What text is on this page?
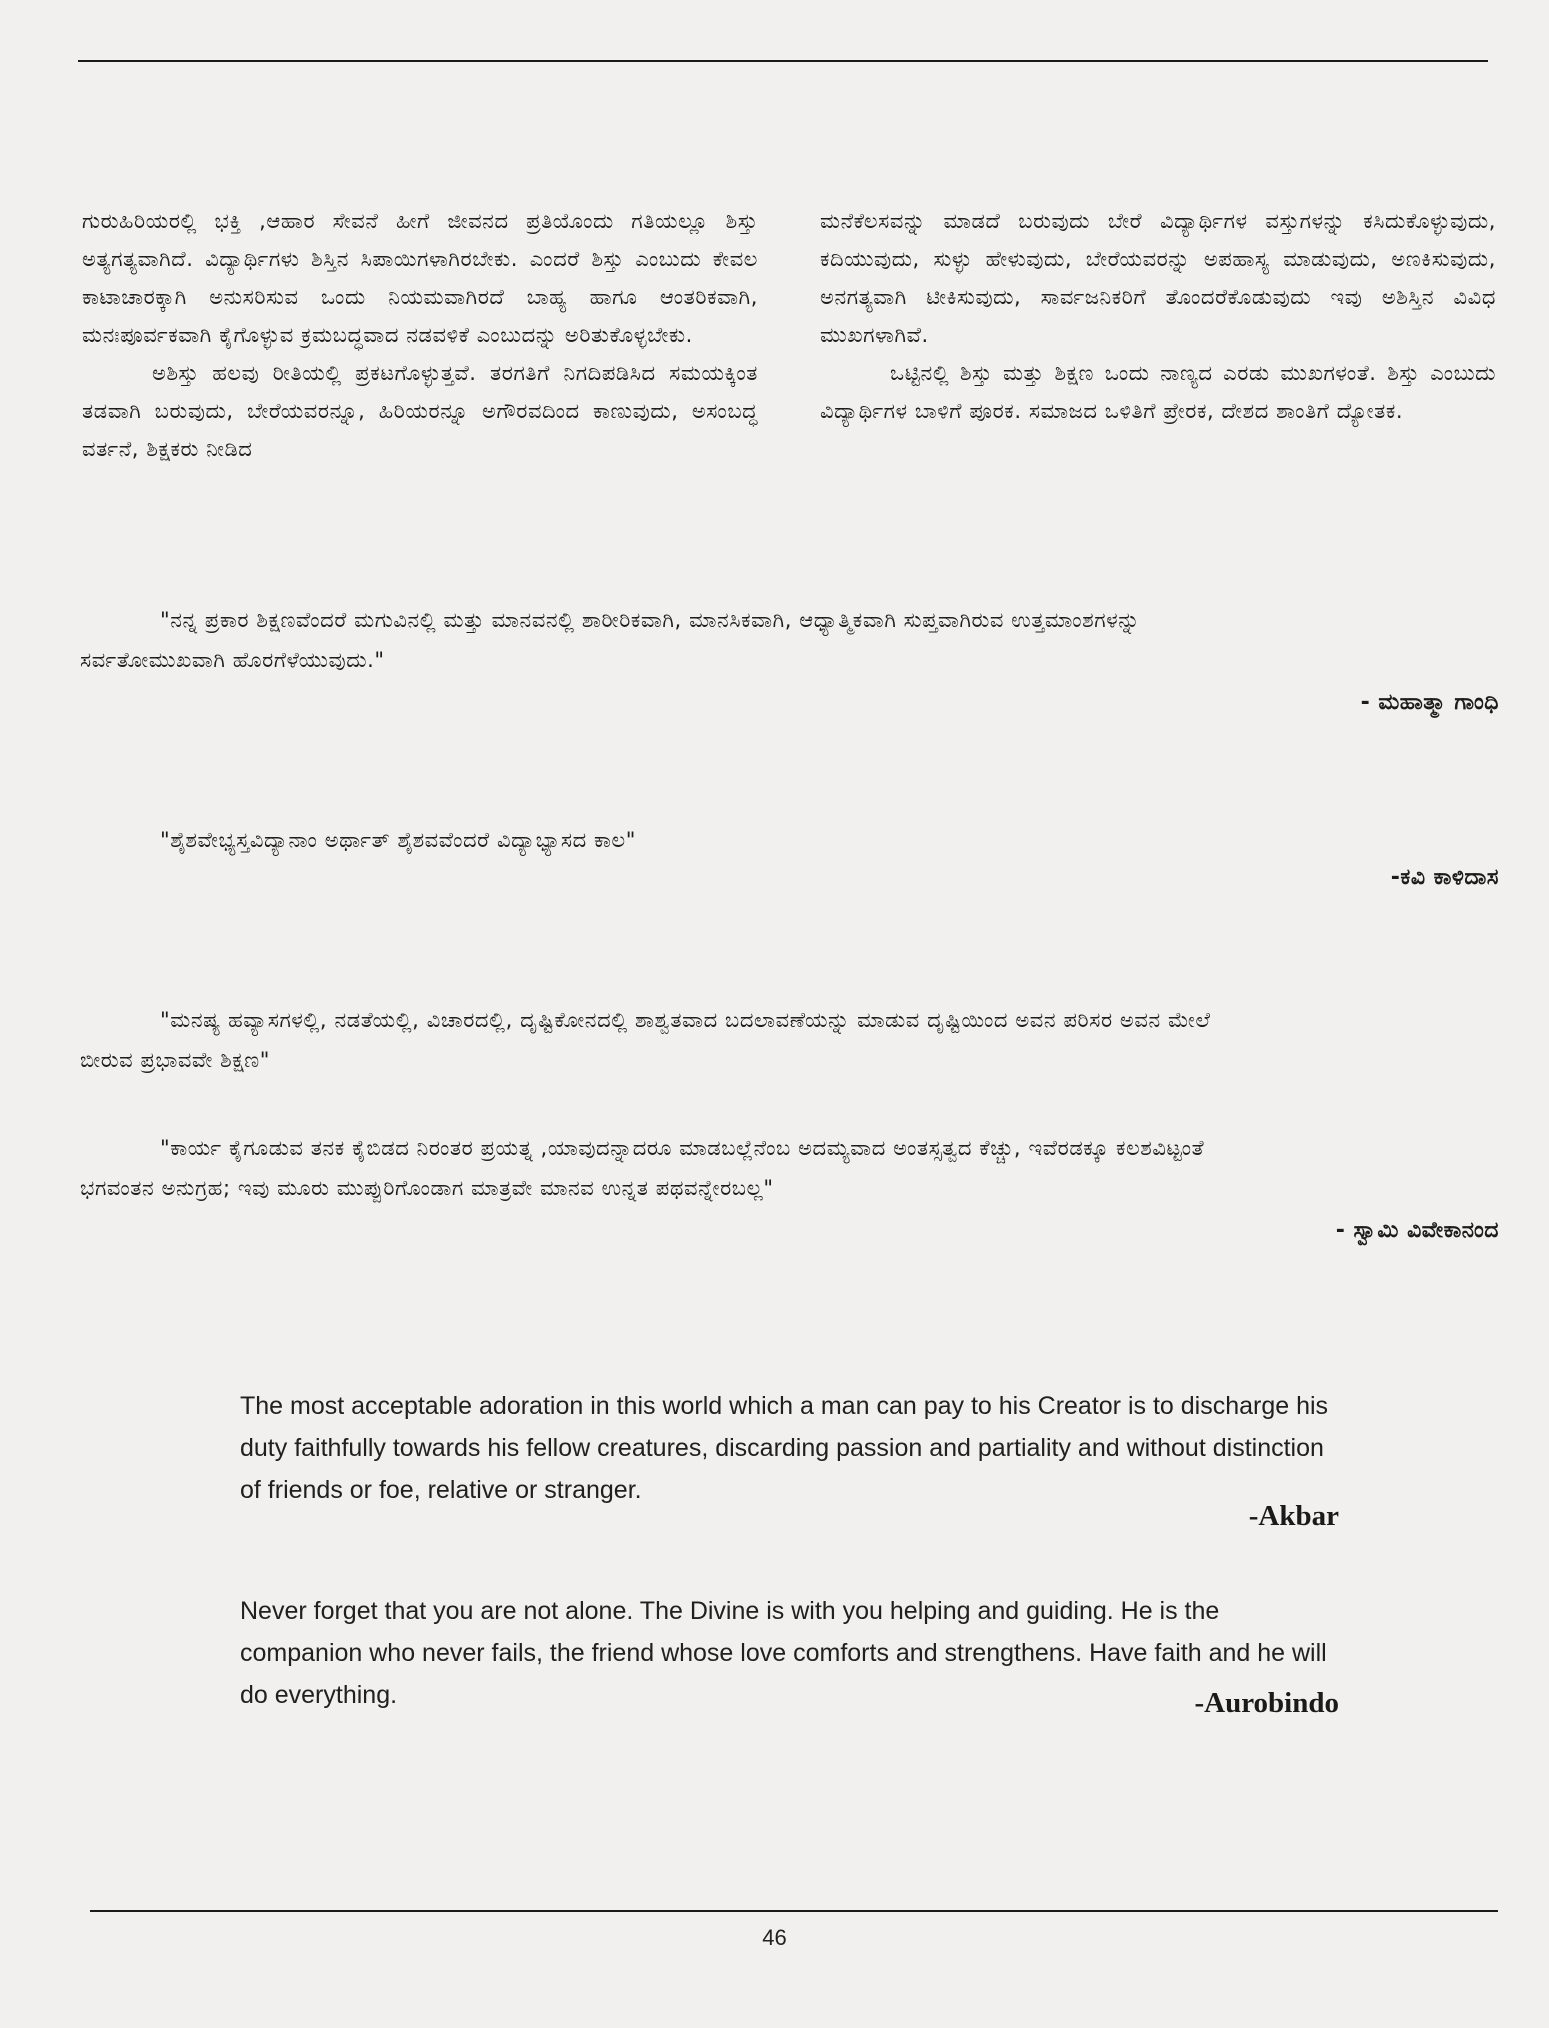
ಗುರುಹಿರಿಯರಲ್ಲಿ ಭಕ್ತಿ ,ಆಹಾರ ಸೇವನೆ ಹೀಗೆ ಜೀವನದ ಪ್ರತಿಯೊಂದು ಗತಿಯಲ್ಲೂ ಶಿಸ್ತು ಅತ್ಯಗತ್ಯವಾಗಿದೆ. ವಿದ್ಯಾರ್ಥಿಗಳು ಶಿಸ್ತಿನ ಸಿಪಾಯಿಗಳಾಗಿರಬೇಕು. ಎಂದರೆ ಶಿಸ್ತು ಎಂಬುದು ಕೇವಲ ಕಾಟಾಚಾರಕ್ಕಾಗಿ ಅನುಸರಿಸುವ ಒಂದು ನಿಯಮವಾಗಿರದೆ ಬಾಹ್ಯ ಹಾಗೂ ಆಂತರಿಕವಾಗಿ, ಮನಃಪೂರ್ವಕವಾಗಿ ಕೈಗೊಳ್ಳುವ ಕ್ರಮಬದ್ಧವಾದ ನಡವಳಿಕೆ ಎಂಬುದನ್ನು ಅರಿತುಕೊಳ್ಳಬೇಕು.

ಅಶಿಸ್ತು ಹಲವು ರೀತಿಯಲ್ಲಿ ಪ್ರಕಟಗೊಳ್ಳುತ್ತವೆ. ತರಗತಿಗೆ ನಿಗದಿಪಡಿಸಿದ ಸಮಯಕ್ಕಿಂತ ತಡವಾಗಿ ಬರುವುದು, ಬೇರೆಯವರನ್ನೂ, ಹಿರಿಯರನ್ನೂ ಅಗೌರವದಿಂದ ಕಾಣುವುದು, ಅಸಂಬದ್ಧ ವರ್ತನೆ, ಶಿಕ್ಷಕರು ನೀಡಿದ

ಮನೆಕೆಲಸವನ್ನು ಮಾಡದೆ ಬರುವುದು ಬೇರೆ ವಿದ್ಯಾರ್ಥಿಗಳ ವಸ್ತುಗಳನ್ನು ಕಸಿದುಕೊಳ್ಳುವುದು, ಕದಿಯುವುದು, ಸುಳ್ಳು ಹೇಳುವುದು, ಬೇರೆಯವರನ್ನು ಅಪಹಾಸ್ಯ ಮಾಡುವುದು, ಅಣಕಿಸುವುದು, ಅನಗತ್ಯವಾಗಿ ಟೀಕಿಸುವುದು, ಸಾರ್ವಜನಿಕರಿಗೆ ತೊಂದರೆಕೊಡುವುದು ಇವು ಅಶಿಸ್ತಿನ ವಿವಿಧ ಮುಖಗಳಾಗಿವೆ.

ಒಟ್ಟಿನಲ್ಲಿ ಶಿಸ್ತು ಮತ್ತು ಶಿಕ್ಷಣ ಒಂದು ನಾಣ್ಯದ ಎರಡು ಮುಖಗಳಂತೆ. ಶಿಸ್ತು ಎಂಬುದು ವಿದ್ಯಾರ್ಥಿಗಳ ಬಾಳಿಗೆ ಪೂರಕ. ಸಮಾಜದ ಒಳಿತಿಗೆ ಪ್ರೇರಕ, ದೇಶದ ಶಾಂತಿಗೆ ದ್ಯೋತಕ.

"ನನ್ನ ಪ್ರಕಾರ ಶಿಕ್ಷಣವೆಂದರೆ ಮಗುವಿನಲ್ಲಿ ಮತ್ತು ಮಾನವನಲ್ಲಿ ಶಾರೀರಿಕವಾಗಿ, ಮಾನಸಿಕವಾಗಿ, ಆಧ್ಯಾತ್ಮಿಕವಾಗಿ ಸುಪ್ತವಾಗಿರುವ ಉತ್ತಮಾಂಶಗಳನ್ನು
ಸರ್ವತೋಮುಖವಾಗಿ ಹೊರಗೆಳೆಯುವುದು."
- ಮಹಾತ್ಮಾ ಗಾಂಧಿ
"ಶೈಶವೇಭ್ಯಸ್ತವಿದ್ಯಾನಾಂ ಅರ್ಥಾತ್ ಶೈಶವವೆಂದರೆ ವಿದ್ಯಾಭ್ಯಾಸದ ಕಾಲ"
-ಕವಿ ಕಾಳಿದಾಸ
"ಮನಷ್ಯ ಹವ್ಯಾಸಗಳಲ್ಲಿ, ನಡತೆಯಲ್ಲಿ, ವಿಚಾರದಲ್ಲಿ, ದೃಷ್ಟಿಕೋನದಲ್ಲಿ ಶಾಶ್ವತವಾದ ಬದಲಾವಣೆಯನ್ನು ಮಾಡುವ ದೃಷ್ಟಿಯಿಂದ ಅವನ ಪರಿಸರ ಅವನ ಮೇಲೆ
ಬೀರುವ ಪ್ರಭಾವವೇ ಶಿಕ್ಷಣ"
"ಕಾರ್ಯ ಕೈಗೂಡುವ ತನಕ ಕೈಬಿಡದ ನಿರಂತರ ಪ್ರಯತ್ನ ,ಯಾವುದನ್ನಾದರೂ ಮಾಡಬಲ್ಲೆನೆಂಬ ಅದಮ್ಯವಾದ ಅಂತಸ್ಸತ್ವದ ಕೆಚ್ಚು, ಇವೆರಡಕ್ಕೂ ಕಲಶವಿಟ್ಟಂತೆ
ಭಗವಂತನ ಅನುಗ್ರಹ; ಇವು ಮೂರು ಮುಪ್ಪುರಿಗೊಂಡಾಗ ಮಾತ್ರವೇ ಮಾನವ ಉನ್ನತ ಪಥವನ್ನೇರಬಲ್ಲ"
- ಸ್ವಾಮಿ ವಿವೇಕಾನಂದ
The most acceptable adoration in this world which a man can pay to his Creator is to discharge his duty faithfully towards his fellow creatures, discarding passion and partiality and without distinction of friends or foe, relative or stranger.
-Akbar
Never forget that you are not alone. The Divine is with you helping and guiding. He is the companion who never fails, the friend whose love comforts and strengthens. Have faith and he will do everything.	-Aurobindo
46
